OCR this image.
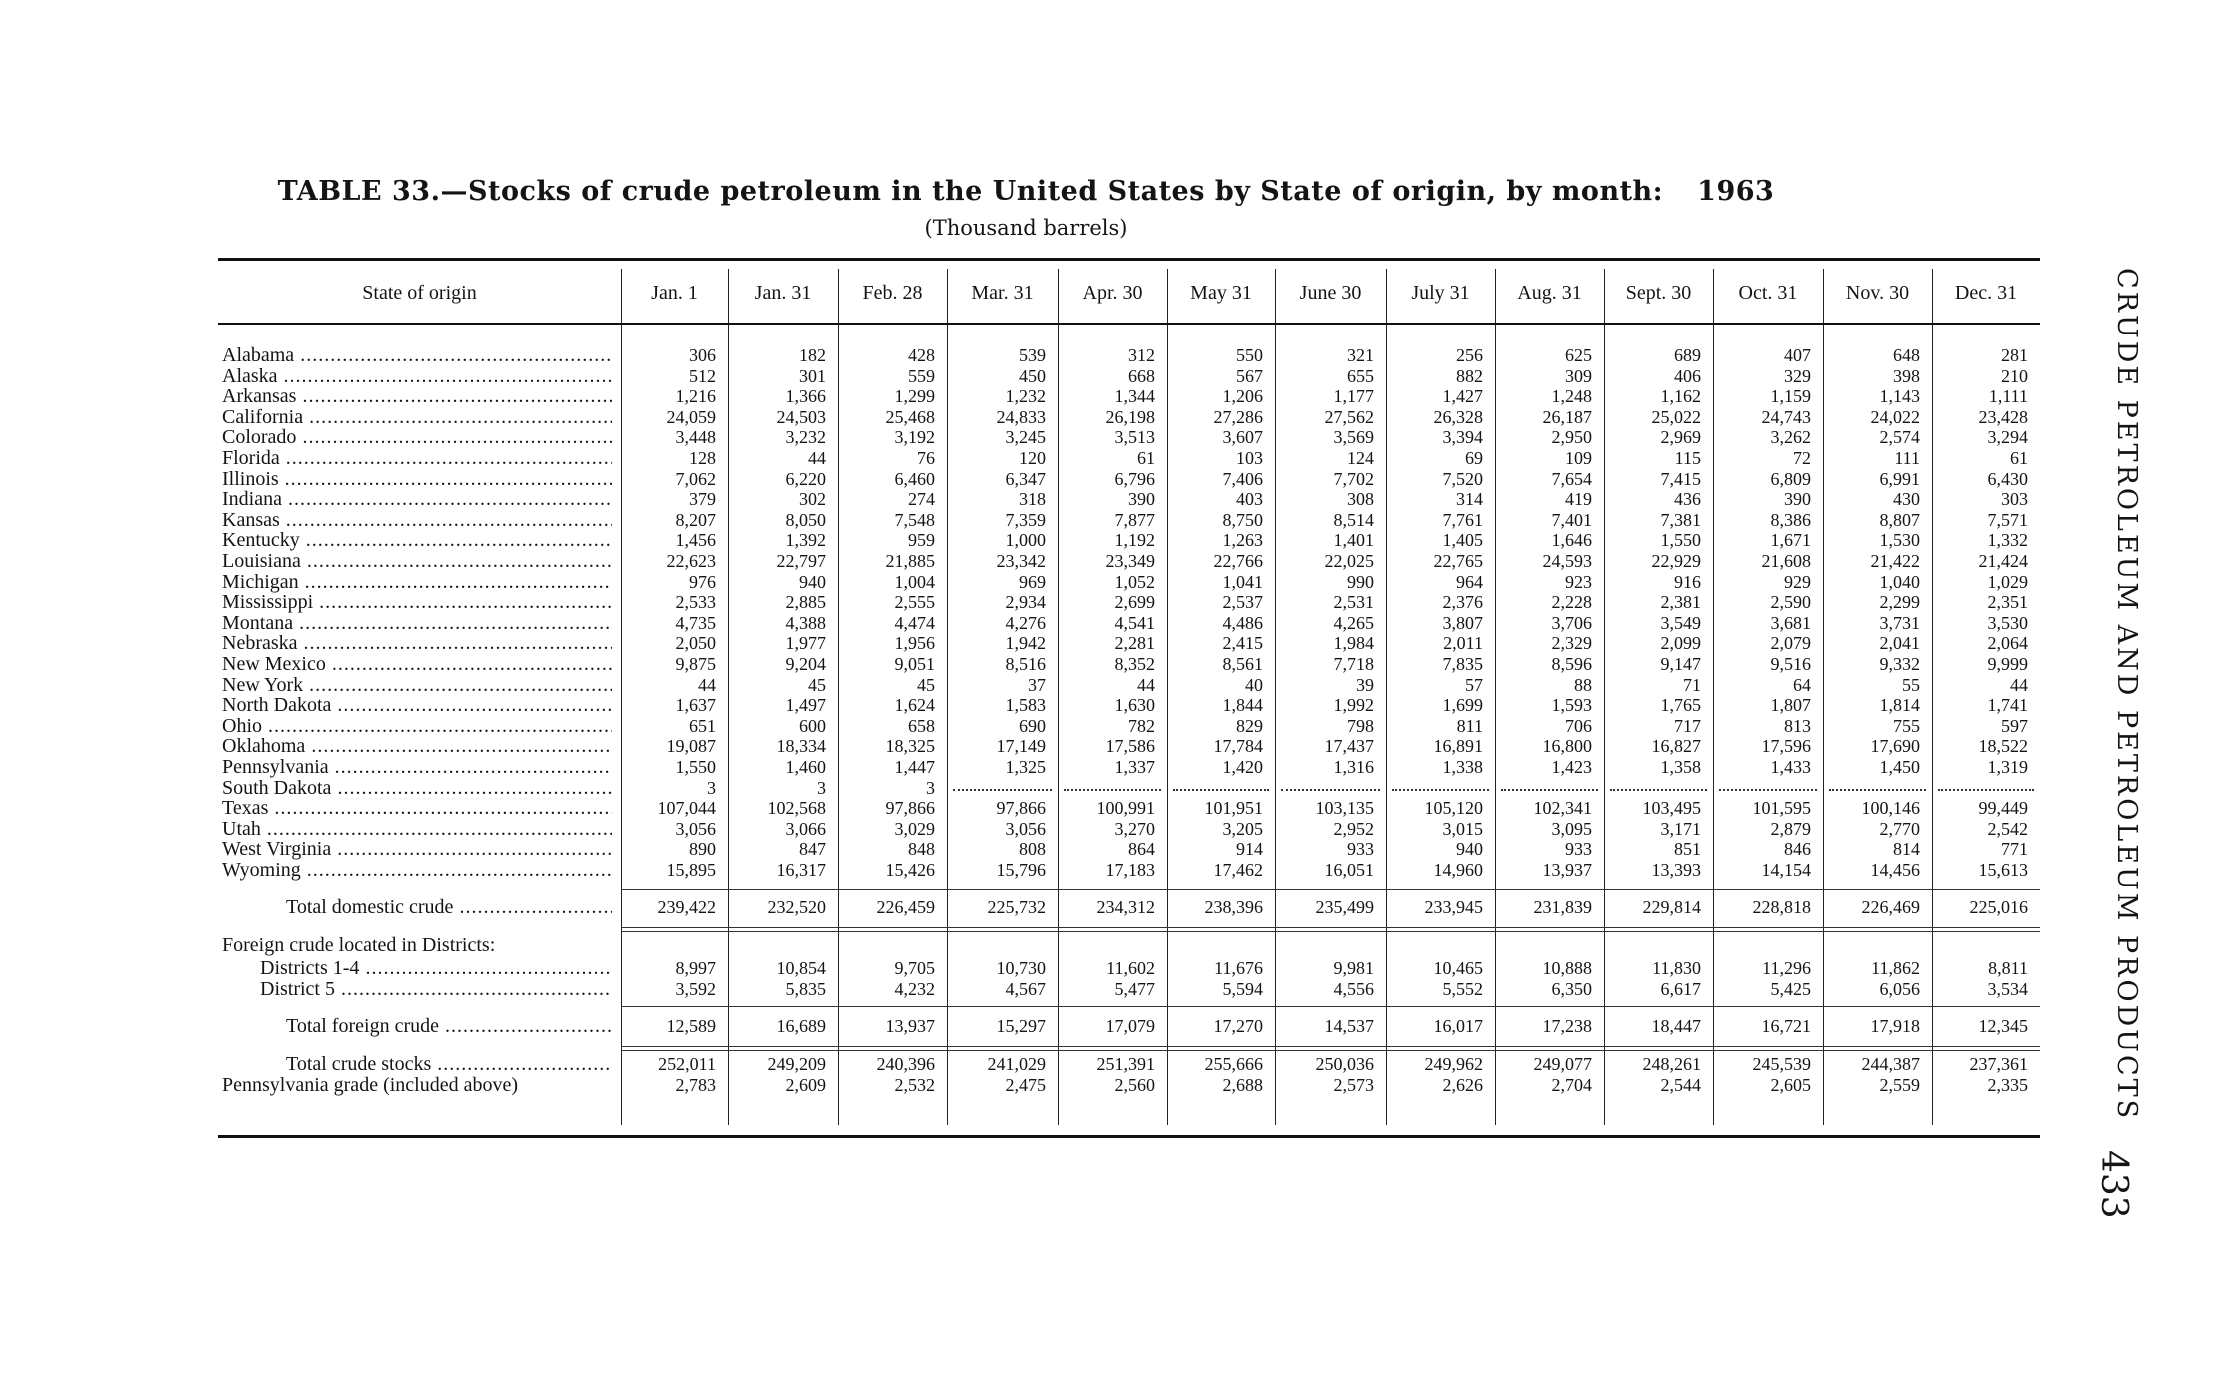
TABLE 33.—Stocks of crude petroleum in the United States by State of origin, by month: 1963
(Thousand barrels)
State of origin	Jan. 1	Jan. 31	Feb. 28	Mar. 31	Apr. 30	May 31	June 30	July 31	Aug. 31	Sept. 30	Oct. 31	Nov. 30	Dec. 31
Alabama .....	306	182	428	539	312	550	321	256	625	689	407	648	281
Alaska .....	512	301	559	450	668	567	655	882	309	406	329	398	210
Arkansas .....	1,216	1,366	1,299	1,232	1,344	1,206	1,177	1,427	1,248	1,162	1,159	1,143	1,111
California .....	24,059	24,503	25,468	24,833	26,198	27,286	27,562	26,328	26,187	25,022	24,743	24,022	23,428
Colorado .....	3,448	3,232	3,192	3,245	3,513	3,607	3,569	3,394	2,950	2,969	3,262	2,574	3,294
Florida .....	128	44	76	120	61	103	124	69	109	115	72	111	61
Illinois .....	7,062	6,220	6,460	6,347	6,796	7,406	7,702	7,520	7,654	7,415	6,809	6,991	6,430
Indiana .....	379	302	274	318	390	403	308	314	419	436	390	430	303
Kansas .....	8,207	8,050	7,548	7,359	7,877	8,750	8,514	7,761	7,401	7,381	8,386	8,807	7,571
Kentucky .....	1,456	1,392	959	1,000	1,192	1,263	1,401	1,405	1,646	1,550	1,671	1,530	1,332
Louisiana .....	22,623	22,797	21,885	23,342	23,349	22,766	22,025	22,765	24,593	22,929	21,608	21,422	21,424
Michigan .....	976	940	1,004	969	1,052	1,041	990	964	923	916	929	1,040	1,029
Mississippi .....	2,533	2,885	2,555	2,934	2,699	2,537	2,531	2,376	2,228	2,381	2,590	2,299	2,351
Montana .....	4,735	4,388	4,474	4,276	4,541	4,486	4,265	3,807	3,706	3,549	3,681	3,731	3,530
Nebraska .....	2,050	1,977	1,956	1,942	2,281	2,415	1,984	2,011	2,329	2,099	2,079	2,041	2,064
New Mexico .....	9,875	9,204	9,051	8,516	8,352	8,561	7,718	7,835	8,596	9,147	9,516	9,332	9,999
New York .....	44	45	45	37	44	40	39	57	88	71	64	55	44
North Dakota .....	1,637	1,497	1,624	1,583	1,630	1,844	1,992	1,699	1,593	1,765	1,807	1,814	1,741
Ohio .....	651	600	658	690	782	829	798	811	706	717	813	755	597
Oklahoma .....	19,087	18,334	18,325	17,149	17,586	17,784	17,437	16,891	16,800	16,827	17,596	17,690	18,522
Pennsylvania .....	1,550	1,460	1,447	1,325	1,337	1,420	1,316	1,338	1,423	1,358	1,433	1,450	1,319
South Dakota .....	3	3	3
Texas .....	107,044	102,568	97,866	97,866	100,991	101,951	103,135	105,120	102,341	103,495	101,595	100,146	99,449
Utah .....	3,056	3,066	3,029	3,056	3,270	3,205	2,952	3,015	3,095	3,171	2,879	2,770	2,542
West Virginia .....	890	847	848	808	864	914	933	940	933	851	846	814	771
Wyoming .....	15,895	16,317	15,426	15,796	17,183	17,462	16,051	14,960	13,937	13,393	14,154	14,456	15,613
Total domestic crude .....	239,422	232,520	226,459	225,732	234,312	238,396	235,499	233,945	231,839	229,814	228,818	226,469	225,016
Foreign crude located in Districts:
Districts 1-4 .....	8,997	10,854	9,705	10,730	11,602	11,676	9,981	10,465	10,888	11,830	11,296	11,862	8,811
District 5 .....	3,592	5,835	4,232	4,567	5,477	5,594	4,556	5,552	6,350	6,617	5,425	6,056	3,534
Total foreign crude .....	12,589	16,689	13,937	15,297	17,079	17,270	14,537	16,017	17,238	18,447	16,721	17,918	12,345
Total crude stocks .....	252,011	249,209	240,396	241,029	251,391	255,666	250,036	249,962	249,077	248,261	245,539	244,387	237,361
Pennsylvania grade (included above)	2,783	2,609	2,532	2,475	2,560	2,688	2,573	2,626	2,704	2,544	2,605	2,559	2,335	CRUDE PETROLEUM AND PETROLEUM PRODUCTS
433
